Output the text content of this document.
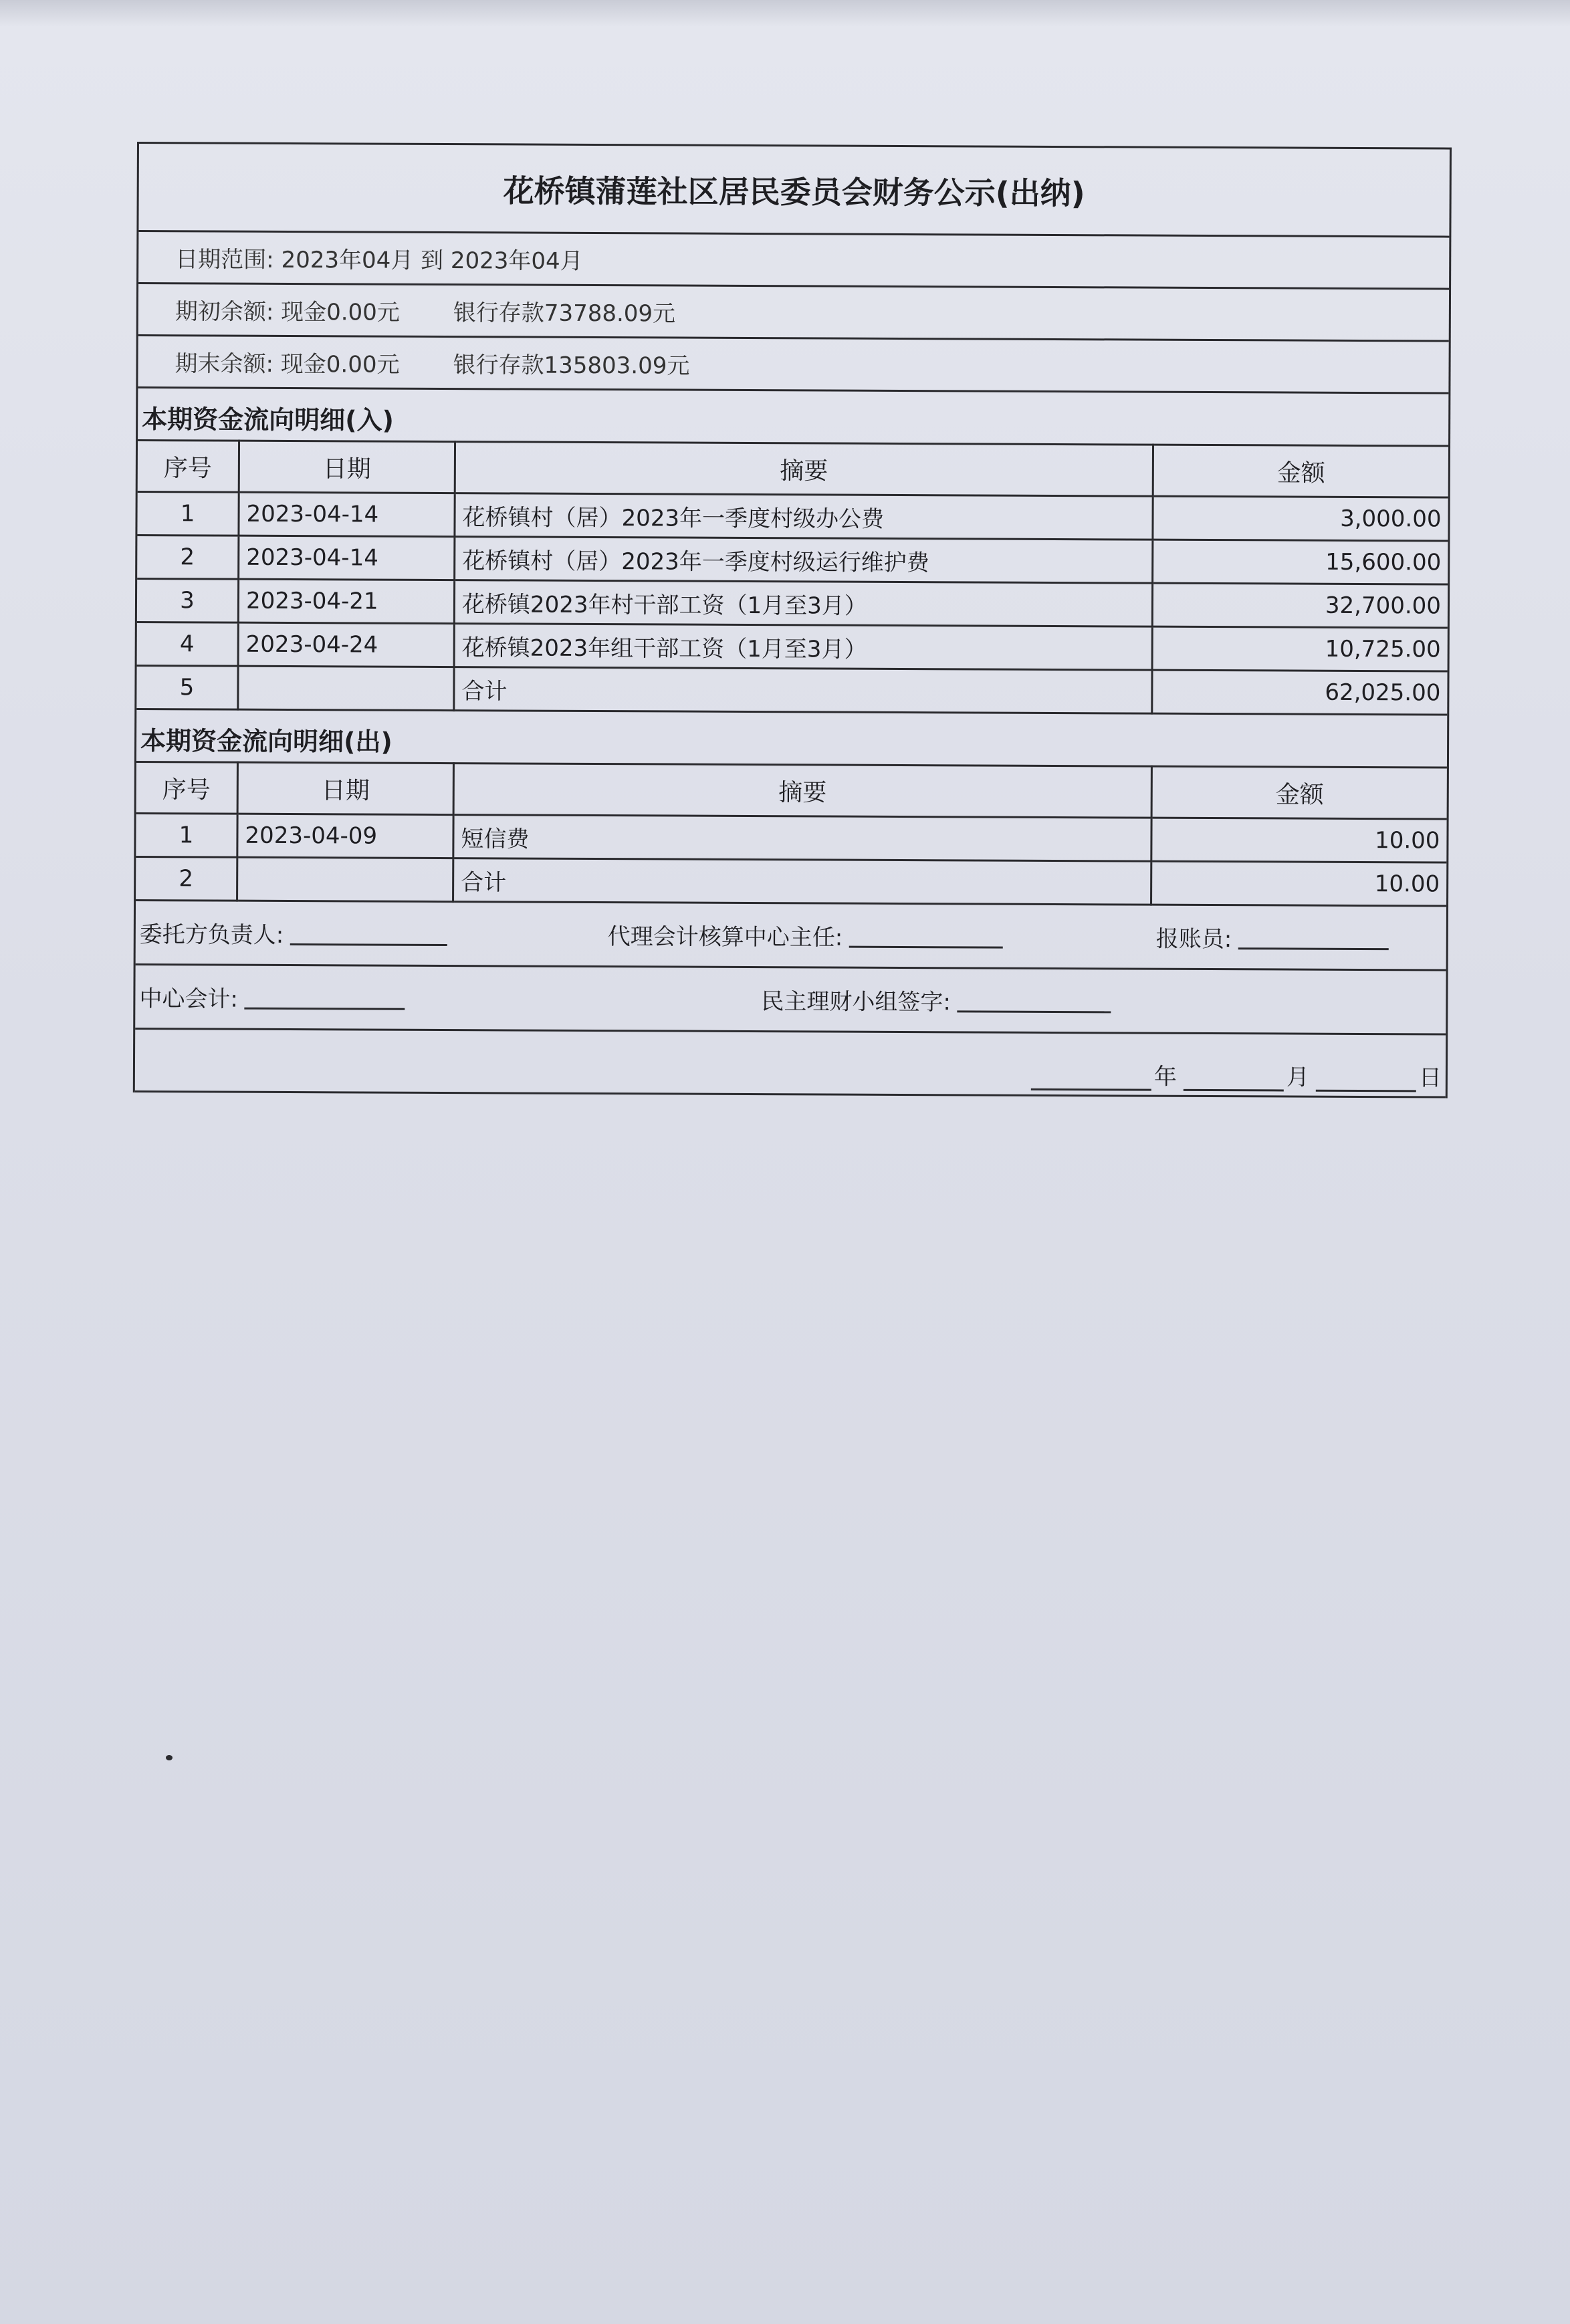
花桥镇蒲莲社区居民委员会财务公示(出纳)
日期范围: 2023年04月 到 2023年04月
期初余额: 现金0.00元 银行存款73788.09元
期末余额: 现金0.00元 银行存款135803.09元
本期资金流向明细(入)
序号	日期	摘要	金额
1	2023-04-14	花桥镇村（居）2023年一季度村级办公费	3,000.00
2	2023-04-14	花桥镇村（居）2023年一季度村级运行维护费	15,600.00
3	2023-04-21	花桥镇2023年村干部工资（1月至3月）	32,700.00
4	2023-04-24	花桥镇2023年组干部工资（1月至3月）	10,725.00
5		合计	62,025.00
本期资金流向明细(出)
序号	日期	摘要	金额
1	2023-04-09	短信费	10.00
2		合计	10.00
委托方负责人:	代理会计核算中心主任:	报账员:
中心会计:	民主理财小组签字:
年	月	日
